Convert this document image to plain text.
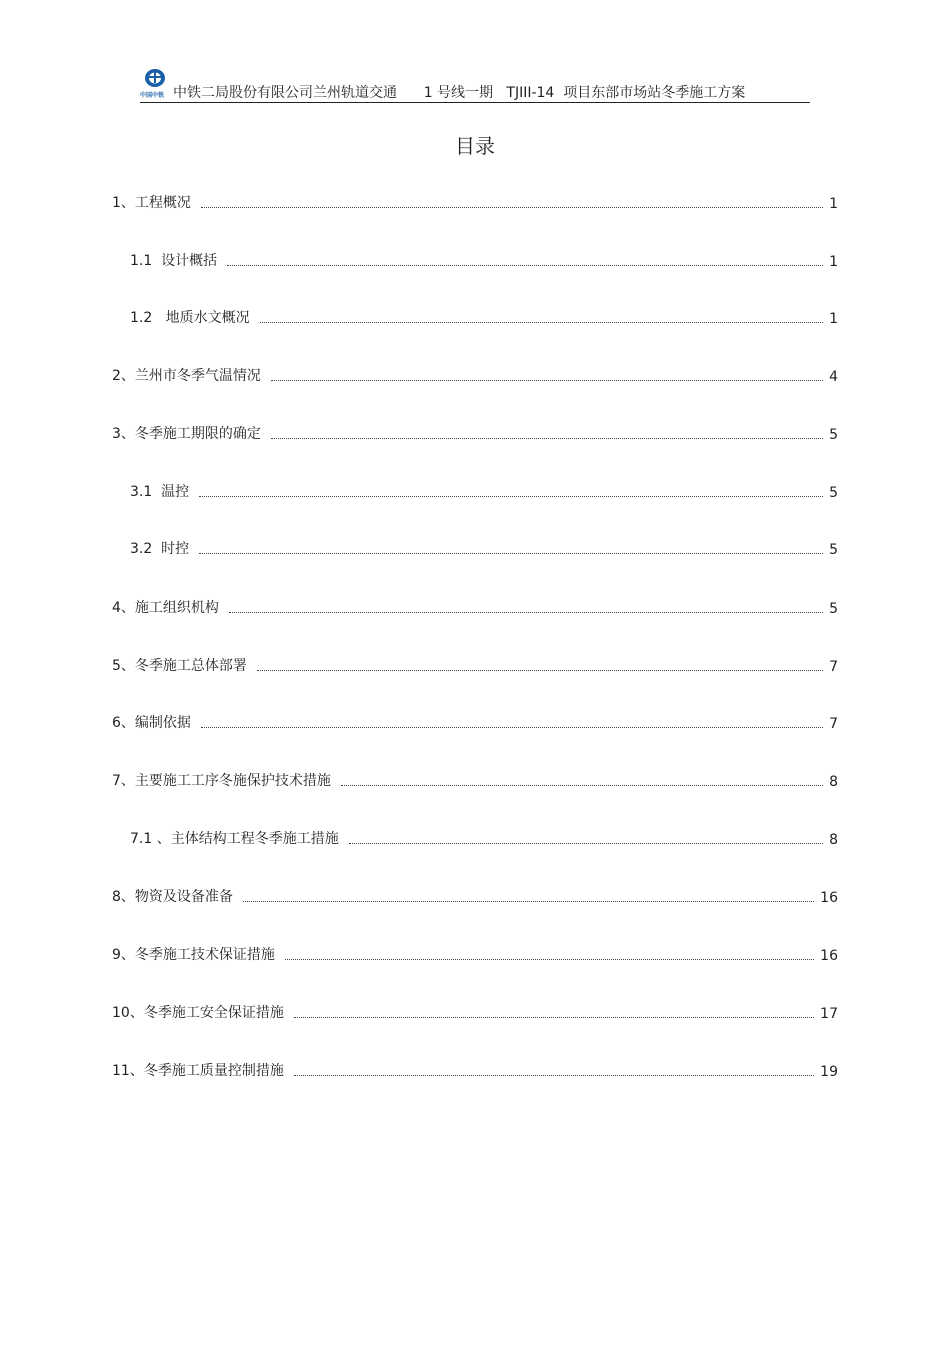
中国中铁 中铁二局股份有限公司兰州轨道交通      1 号线一期   TJIII-14  项目东部市场站冬季施工方案
目录
1、工程概况	1
1.1  设计概括	1
1.2   地质水文概况	1
2、兰州市冬季气温情况	4
3、冬季施工期限的确定	5
3.1  温控	5
3.2  时控	5
4、施工组织机构	5
5、冬季施工总体部署	7
6、编制依据	7
7、主要施工工序冬施保护技术措施	8
7.1 、主体结构工程冬季施工措施	8
8、物资及设备准备	16
9、冬季施工技术保证措施	16
10、冬季施工安全保证措施	17
11、冬季施工质量控制措施	19
